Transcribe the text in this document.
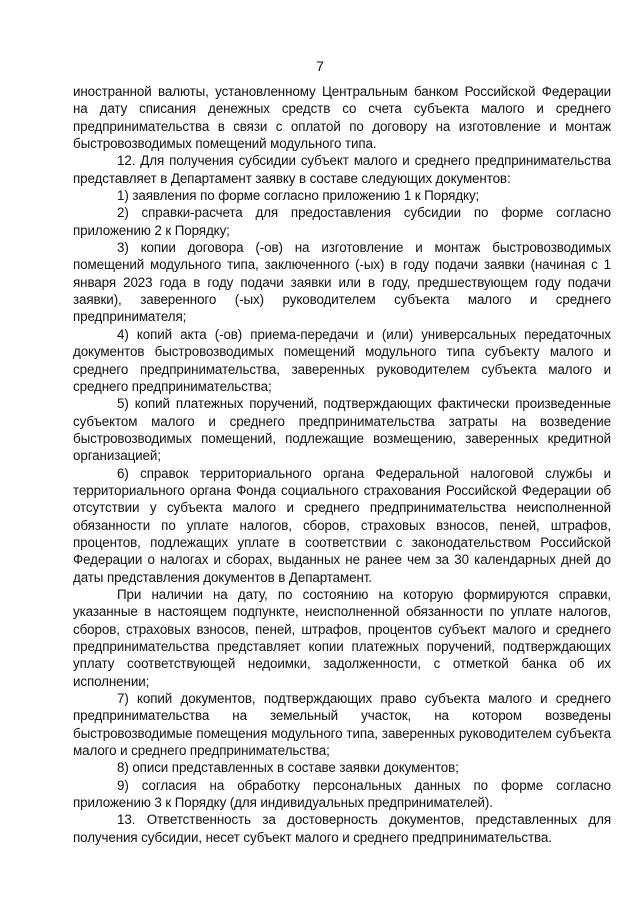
7

иностранной валюты, установленному Центральным банком Российской Федерации на дату списания денежных средств со счета субъекта малого и среднего предпринимательства в связи с оплатой по договору на изготовление и монтаж быстровозводимых помещений модульного типа.

12. Для получения субсидии субъект малого и среднего предпринимательства представляет в Департамент заявку в составе следующих документов:

1) заявления по форме согласно приложению 1 к Порядку;

2) справки-расчета для предоставления субсидии по форме согласно приложению 2 к Порядку;

3) копии договора (-ов) на изготовление и монтаж быстровозводимых помещений модульного типа, заключенного (-ых) в году подачи заявки (начиная с 1 января 2023 года в году подачи заявки или в году, предшествующем году подачи заявки), заверенного (-ых) руководителем субъекта малого и среднего предпринимателя;

4) копий акта (-ов) приема-передачи и (или) универсальных передаточных документов быстровозводимых помещений модульного типа субъекту малого и среднего предпринимательства, заверенных руководителем субъекта малого и среднего предпринимательства;

5) копий платежных поручений, подтверждающих фактически произведенные субъектом малого и среднего предпринимательства затраты на возведение быстровозводимых помещений, подлежащие возмещению, заверенных кредитной организацией;

6) справок территориального органа Федеральной налоговой службы и территориального органа Фонда социального страхования Российской Федерации об отсутствии у субъекта малого и среднего предпринимательства неисполненной обязанности по уплате налогов, сборов, страховых взносов, пеней, штрафов, процентов, подлежащих уплате в соответствии с законодательством Российской Федерации о налогах и сборах, выданных не ранее чем за 30 календарных дней до даты представления документов в Департамент.

При наличии на дату, по состоянию на которую формируются справки, указанные в настоящем подпункте, неисполненной обязанности по уплате налогов, сборов, страховых взносов, пеней, штрафов, процентов субъект малого и среднего предпринимательства представляет копии платежных поручений, подтверждающих уплату соответствующей недоимки, задолженности, с отметкой банка об их исполнении;

7) копий документов, подтверждающих право субъекта малого и среднего предпринимательства на земельный участок, на котором возведены быстровозводимые помещения модульного типа, заверенных руководителем субъекта малого и среднего предпринимательства;

8) описи представленных в составе заявки документов;

9) согласия на обработку персональных данных по форме согласно приложению 3 к Порядку (для индивидуальных предпринимателей).

13. Ответственность за достоверность документов, представленных для получения субсидии, несет субъект малого и среднего предпринимательства.
